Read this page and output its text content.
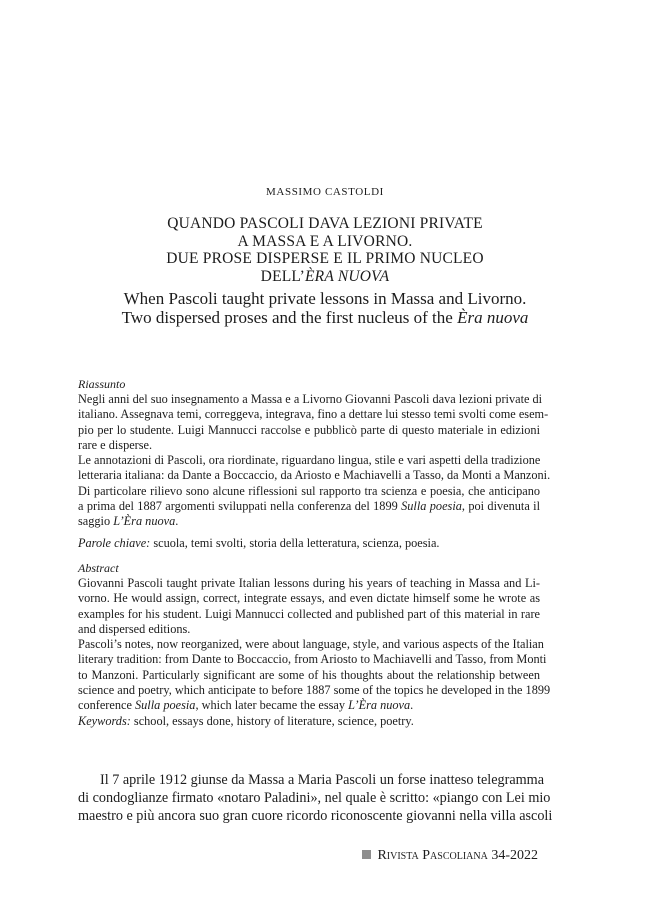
MASSIMO CASTOLDI
QUANDO PASCOLI DAVA LEZIONI PRIVATE
A MASSA E A LIVORNO.
DUE PROSE DISPERSE E IL PRIMO NUCLEO
DELL’ÈRA NUOVA
When Pascoli taught private lessons in Massa and Livorno.
Two dispersed proses and the first nucleus of the Èra nuova
Riassunto
Negli anni del suo insegnamento a Massa e a Livorno Giovanni Pascoli dava lezioni private di
italiano. Assegnava temi, correggeva, integrava, fino a dettare lui stesso temi svolti come esem-
pio per lo studente. Luigi Mannucci raccolse e pubblicò parte di questo materiale in edizioni
rare e disperse.
Le annotazioni di Pascoli, ora riordinate, riguardano lingua, stile e vari aspetti della tradizione
letteraria italiana: da Dante a Boccaccio, da Ariosto e Machiavelli a Tasso, da Monti a Manzoni.
Di particolare rilievo sono alcune riflessioni sul rapporto tra scienza e poesia, che anticipano
a prima del 1887 argomenti sviluppati nella conferenza del 1899 Sulla poesia, poi divenuta il
saggio L’Èra nuova.
Parole chiave: scuola, temi svolti, storia della letteratura, scienza, poesia.
Abstract
Giovanni Pascoli taught private Italian lessons during his years of teaching in Massa and Li-
vorno. He would assign, correct, integrate essays, and even dictate himself some he wrote as
examples for his student. Luigi Mannucci collected and published part of this material in rare
and dispersed editions.
Pascoli’s notes, now reorganized, were about language, style, and various aspects of the Italian
literary tradition: from Dante to Boccaccio, from Ariosto to Machiavelli and Tasso, from Monti
to Manzoni. Particularly significant are some of his thoughts about the relationship between
science and poetry, which anticipate to before 1887 some of the topics he developed in the 1899
conference Sulla poesia, which later became the essay L’Èra nuova.
Keywords: school, essays done, history of literature, science, poetry.
Il 7 aprile 1912 giunse da Massa a Maria Pascoli un forse inatteso telegramma
di condoglianze firmato «notaro Paladini», nel quale è scritto: «piango con Lei mio
maestro e più ancora suo gran cuore ricordo riconoscente giovanni nella villa ascoli
Rivista Pascoliana 34-2022
